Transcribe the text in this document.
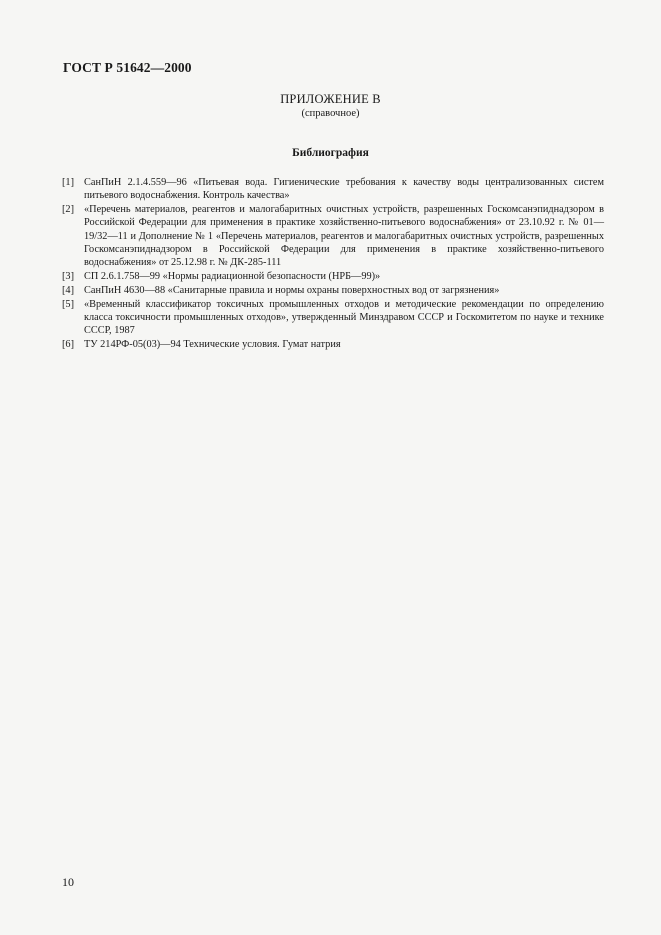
ГОСТ Р 51642—2000
ПРИЛОЖЕНИЕ В
(справочное)
Библиография
[1] СанПиН 2.1.4.559—96 «Питьевая вода. Гигиенические требования к качеству воды централизованных систем питьевого водоснабжения. Контроль качества»
[2] «Перечень материалов, реагентов и малогабаритных очистных устройств, разрешенных Госкомсанэпиднадзором в Российской Федерации для применения в практике хозяйственно-питьевого водоснабжения» от 23.10.92 г. № 01—19/32—11 и Дополнение № 1 «Перечень материалов, реагентов и малогабаритных очистных устройств, разрешенных Госкомсанэпиднадзором в Российской Федерации для применения в практике хозяйственно-питьевого водоснабжения» от 25.12.98 г. № ДК-285-111
[3] СП 2.6.1.758—99 «Нормы радиационной безопасности (НРБ—99)»
[4] СанПиН 4630—88 «Санитарные правила и нормы охраны поверхностных вод от загрязнения»
[5] «Временный классификатор токсичных промышленных отходов и методические рекомендации по определению класса токсичности промышленных отходов», утвержденный Минздравом СССР и Госкомитетом по науке и технике СССР, 1987
[6] ТУ 214РФ-05(03)—94 Технические условия. Гумат натрия
10
